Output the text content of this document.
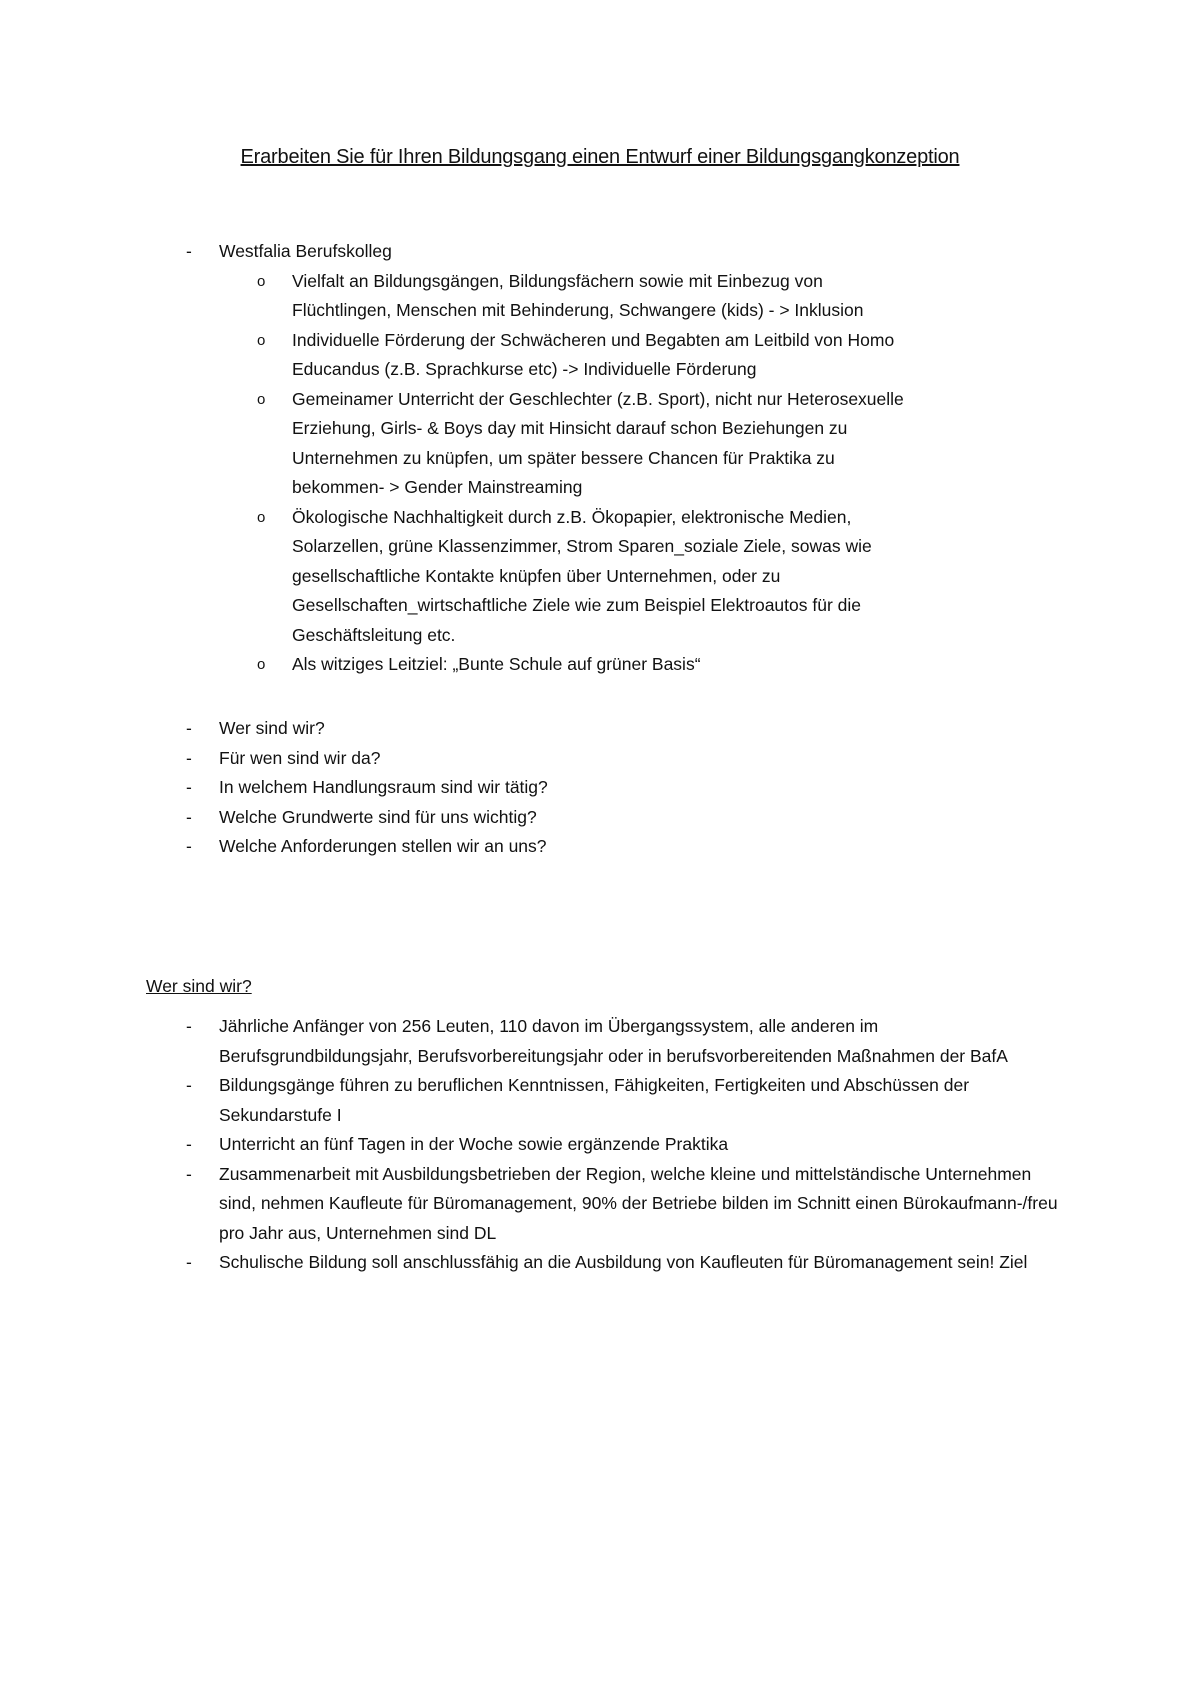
Erarbeiten Sie für Ihren Bildungsgang einen Entwurf einer Bildungsgangkonzeption
- Westfalia Berufskolleg
o Vielfalt an Bildungsgängen, Bildungsfächern sowie mit Einbezug von Flüchtlingen, Menschen mit Behinderung, Schwangere (kids) - > Inklusion
o Individuelle Förderung der Schwächeren und Begabten am Leitbild von Homo Educandus (z.B. Sprachkurse etc) -> Individuelle Förderung
o Gemeinamer Unterricht der Geschlechter (z.B. Sport), nicht nur Heterosexuelle Erziehung, Girls- & Boys day mit Hinsicht darauf schon Beziehungen zu Unternehmen zu knüpfen, um später bessere Chancen für Praktika zu bekommen- > Gender Mainstreaming
o Ökologische Nachhaltigkeit durch z.B. Ökopapier, elektronische Medien, Solarzellen, grüne Klassenzimmer, Strom Sparen_soziale Ziele, sowas wie gesellschaftliche Kontakte knüpfen über Unternehmen, oder zu Gesellschaften_wirtschaftliche Ziele wie zum Beispiel Elektroautos für die Geschäftsleitung etc.
o Als witziges Leitziel: „Bunte Schule auf grüner Basis“
- Wer sind wir?
- Für wen sind wir da?
- In welchem Handlungsraum sind wir tätig?
- Welche Grundwerte sind für uns wichtig?
- Welche Anforderungen stellen wir an uns?
Wer sind wir?
- Jährliche Anfänger von 256 Leuten, 110 davon im Übergangssystem, alle anderen im Berufsgrundbildungsjahr, Berufsvorbereitungsjahr oder in berufsvorbereitenden Maßnahmen der BafA
- Bildungsgänge führen zu beruflichen Kenntnissen, Fähigkeiten, Fertigkeiten und Abschüssen der Sekundarstufe I
- Unterricht an fünf Tagen in der Woche sowie ergänzende Praktika
- Zusammenarbeit mit Ausbildungsbetrieben der Region, welche kleine und mittelständische Unternehmen sind, nehmen Kaufleute für Büromanagement, 90% der Betriebe bilden im Schnitt einen Bürokaufmann-/freu pro Jahr aus, Unternehmen sind DL
- Schulische Bildung soll anschlussfähig an die Ausbildung von Kaufleuten für Büromanagement sein! Ziel
